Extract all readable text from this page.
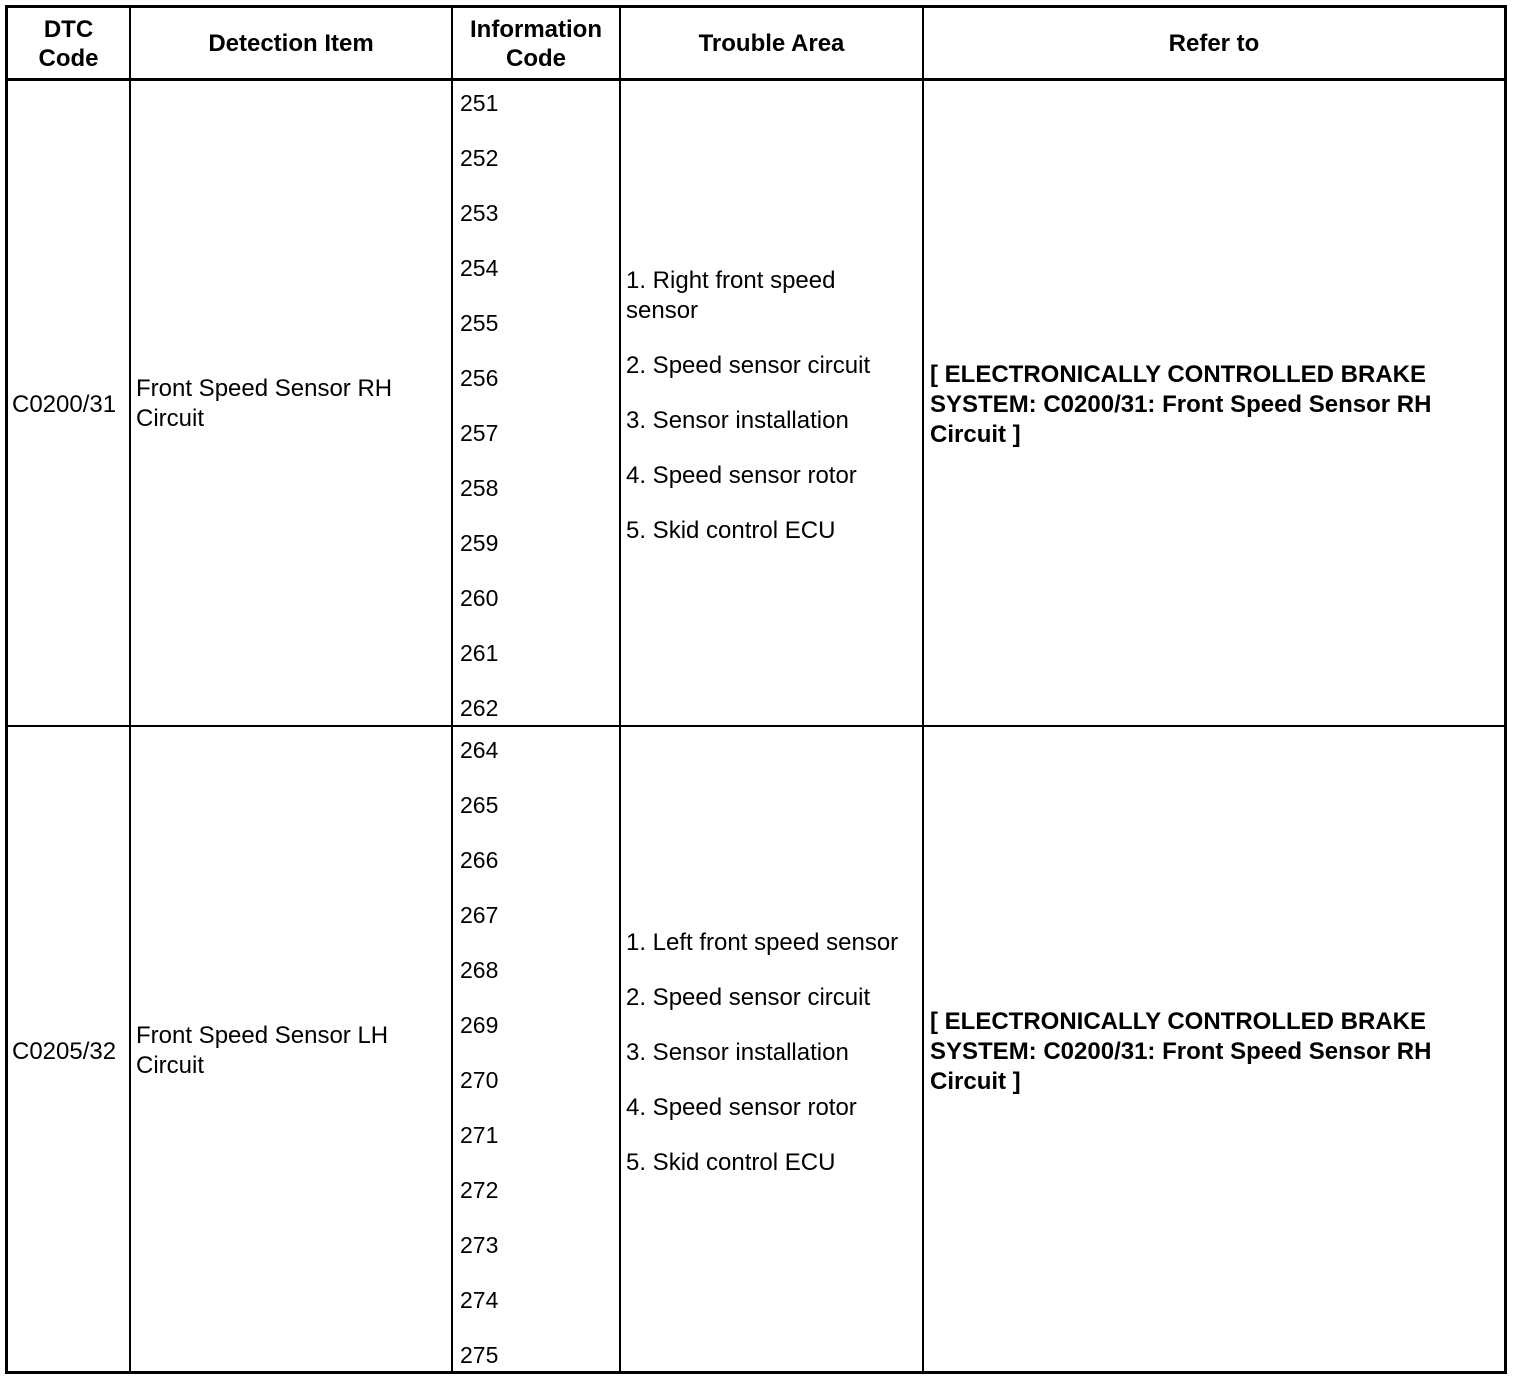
DTC
Code
Detection Item
Information
Code
Trouble Area	Refer to
C0200/31
Front Speed Sensor RH
Circuit
251
252
253
254
255
256
257
258
259
260
261
262
1. Right front speed
sensor
2. Speed sensor circuit
3. Sensor installation
4. Speed sensor rotor
5. Skid control ECU
[ ELECTRONICALLY CONTROLLED BRAKE SYSTEM: C0200/31: Front Speed Sensor RH Circuit ]
C0205/32
Front Speed Sensor LH
Circuit
264
265
266
267
268
269
270
271
272
273
274
275
1. Left front speed sensor
2. Speed sensor circuit
3. Sensor installation
4. Speed sensor rotor
5. Skid control ECU
[ ELECTRONICALLY CONTROLLED BRAKE SYSTEM: C0200/31: Front Speed Sensor RH Circuit ]
